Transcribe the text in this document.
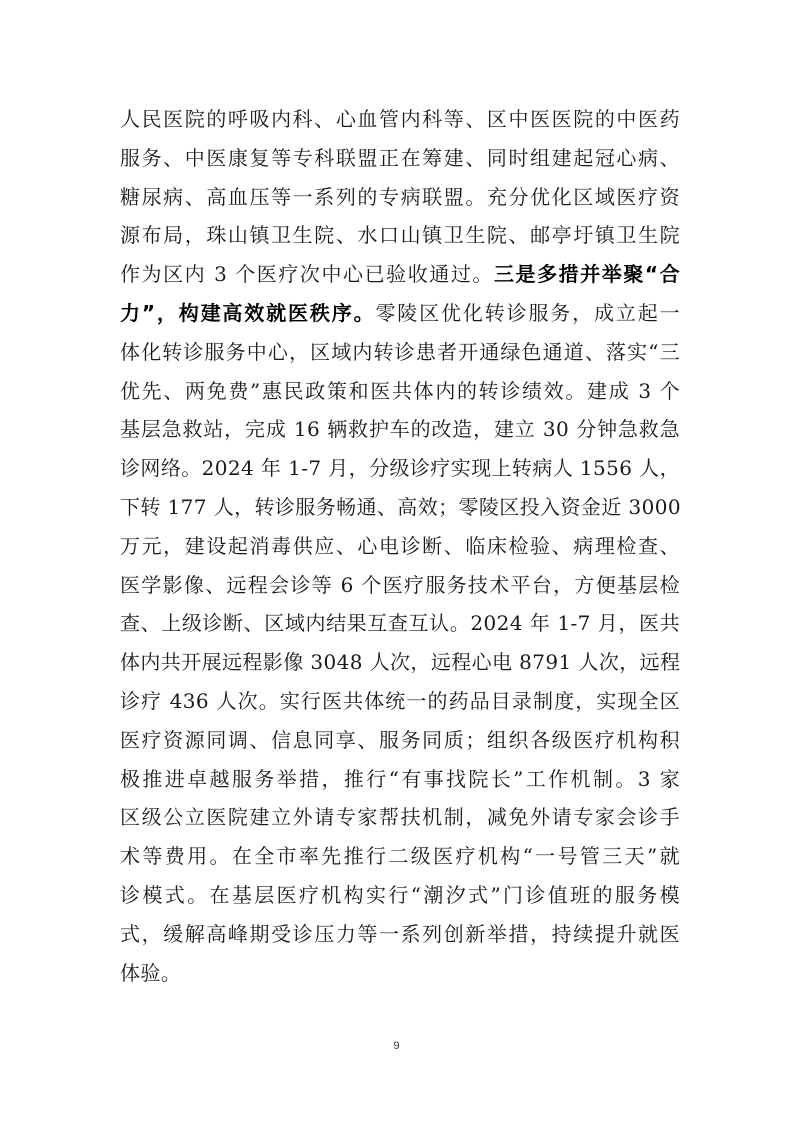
人民医院的呼吸内科、心血管内科等、区中医医院的中医药
服务、中医康复等专科联盟正在筹建、同时组建起冠心病、
糖尿病、高血压等一系列的专病联盟。充分优化区域医疗资
源布局，珠山镇卫生院、水口山镇卫生院、邮亭圩镇卫生院
作为区内 3 个医疗次中心已验收通过。三是多措并举聚“合
力”，构建高效就医秩序。零陵区优化转诊服务，成立起一
体化转诊服务中心，区域内转诊患者开通绿色通道、落实“三
优先、两免费”惠民政策和医共体内的转诊绩效。建成 3 个
基层急救站，完成 16 辆救护车的改造，建立 30 分钟急救急
诊网络。2024 年 1-7 月，分级诊疗实现上转病人 1556 人，
下转 177 人，转诊服务畅通、高效；零陵区投入资金近 3000
万元，建设起消毒供应、心电诊断、临床检验、病理检查、
医学影像、远程会诊等 6 个医疗服务技术平台，方便基层检
查、上级诊断、区域内结果互查互认。2024 年 1-7 月，医共
体内共开展远程影像 3048 人次，远程心电 8791 人次，远程
诊疗 436 人次。实行医共体统一的药品目录制度，实现全区
医疗资源同调、信息同享、服务同质；组织各级医疗机构积
极推进卓越服务举措，推行“有事找院长”工作机制。3 家
区级公立医院建立外请专家帮扶机制，减免外请专家会诊手
术等费用。在全市率先推行二级医疗机构“一号管三天”就
诊模式。在基层医疗机构实行“潮汐式”门诊值班的服务模
式，缓解高峰期受诊压力等一系列创新举措，持续提升就医
体验。
9
